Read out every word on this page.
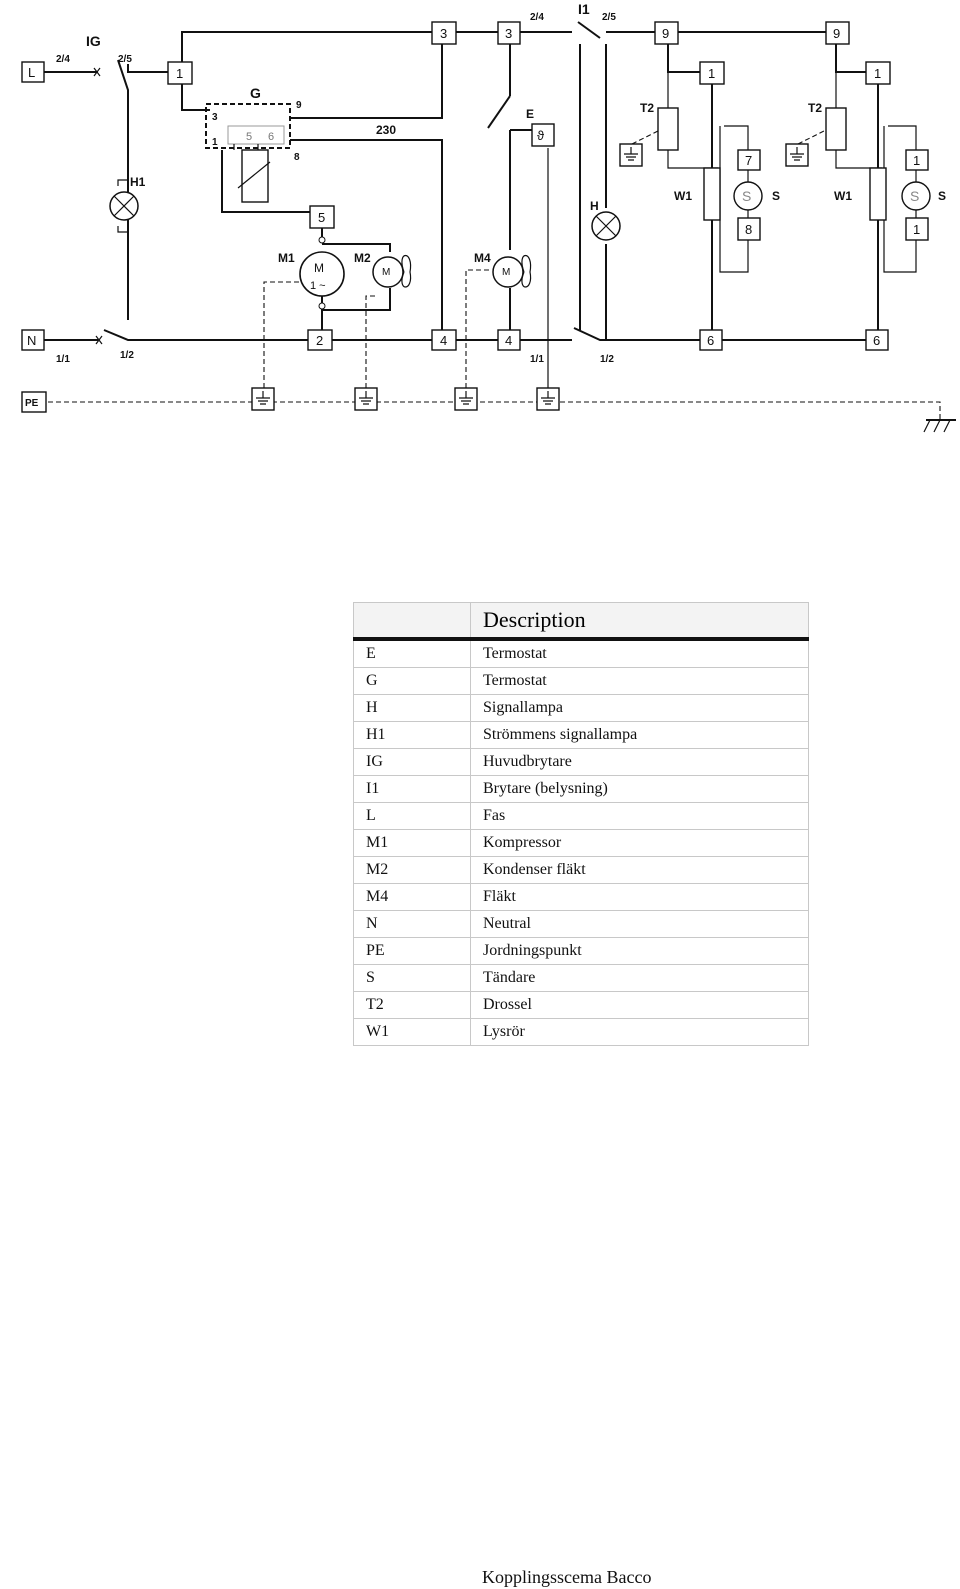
L
N
PE
1
3	3	9	9
1	1
5
2	4	4	6	6
7
8
1
1
IG
2/4	2/5
1/1	1/2
I1
2/4	2/5
1/1	1/2
H1
G
230
E
H
M1	M2	M4
T2	T2
W1	W1
S	S
3
1	5 6
9
8
M
1 ~
M	M
ϑ
S	S
	Description
E	Termostat
G	Termostat
H	Signallampa
H1	Strömmens signallampa
IG	Huvudbrytare
I1	Brytare (belysning)
L	Fas
M1	Kompressor
M2	Kondenser fläkt
M4	Fläkt
N	Neutral
PE	Jordningspunkt
S	Tändare
T2	Drossel
W1	Lysrör
Kopplingsscema Bacco
